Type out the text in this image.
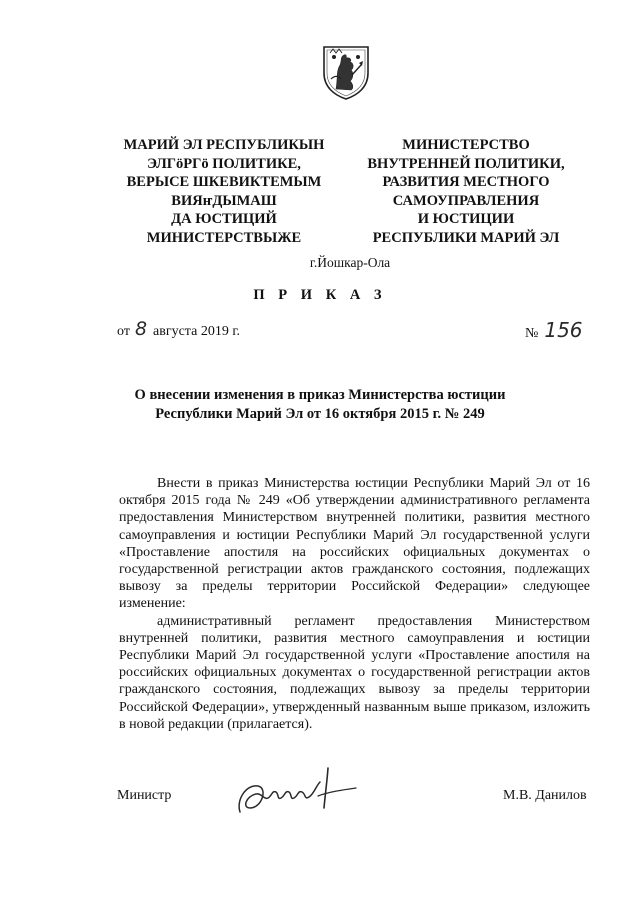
МАРИЙ ЭЛ РЕСПУБЛИКЫН
ЭЛГӧРГӧ ПОЛИТИКЕ,
ВЕРЫСЕ ШКЕВИКТЕМЫМ
ВИЯҥДЫМАШ
ДА ЮСТИЦИЙ
МИНИСТЕРСТВЫЖЕ
МИНИСТЕРСТВО
ВНУТРЕННЕЙ ПОЛИТИКИ,
РАЗВИТИЯ МЕСТНОГО
САМОУПРАВЛЕНИЯ
И ЮСТИЦИИ
РЕСПУБЛИКИ МАРИЙ ЭЛ
г.Йошкар-Ола
П Р И К А З
от 8 августа 2019 г.	№ 156
О внесении изменения в приказ Министерства юстиции
Республики Марий Эл от 16 октября 2015 г. № 249

Внести в приказ Министерства юстиции Республики Марий Эл от 16 октября 2015 года № 249 «Об утверждении административного регламента предоставления Министерством внутренней политики, развития местного самоуправления и юстиции Республики Марий Эл государственной услуги «Проставление апостиля на российских официальных документах о государственной регистрации актов гражданского состояния, подлежащих вывозу за пределы территории Российской Федерации» следующее изменение:

административный регламент предоставления Министерством внутренней политики, развития местного самоуправления и юстиции Республики Марий Эл государственной услуги «Проставление апостиля на российских официальных документах о государственной регистрации актов гражданского состояния, подлежащих вывозу за пределы территории Российской Федерации», утвержденный названным выше приказом, изложить в новой редакции (прилагается).

Министр	М.В. Данилов
